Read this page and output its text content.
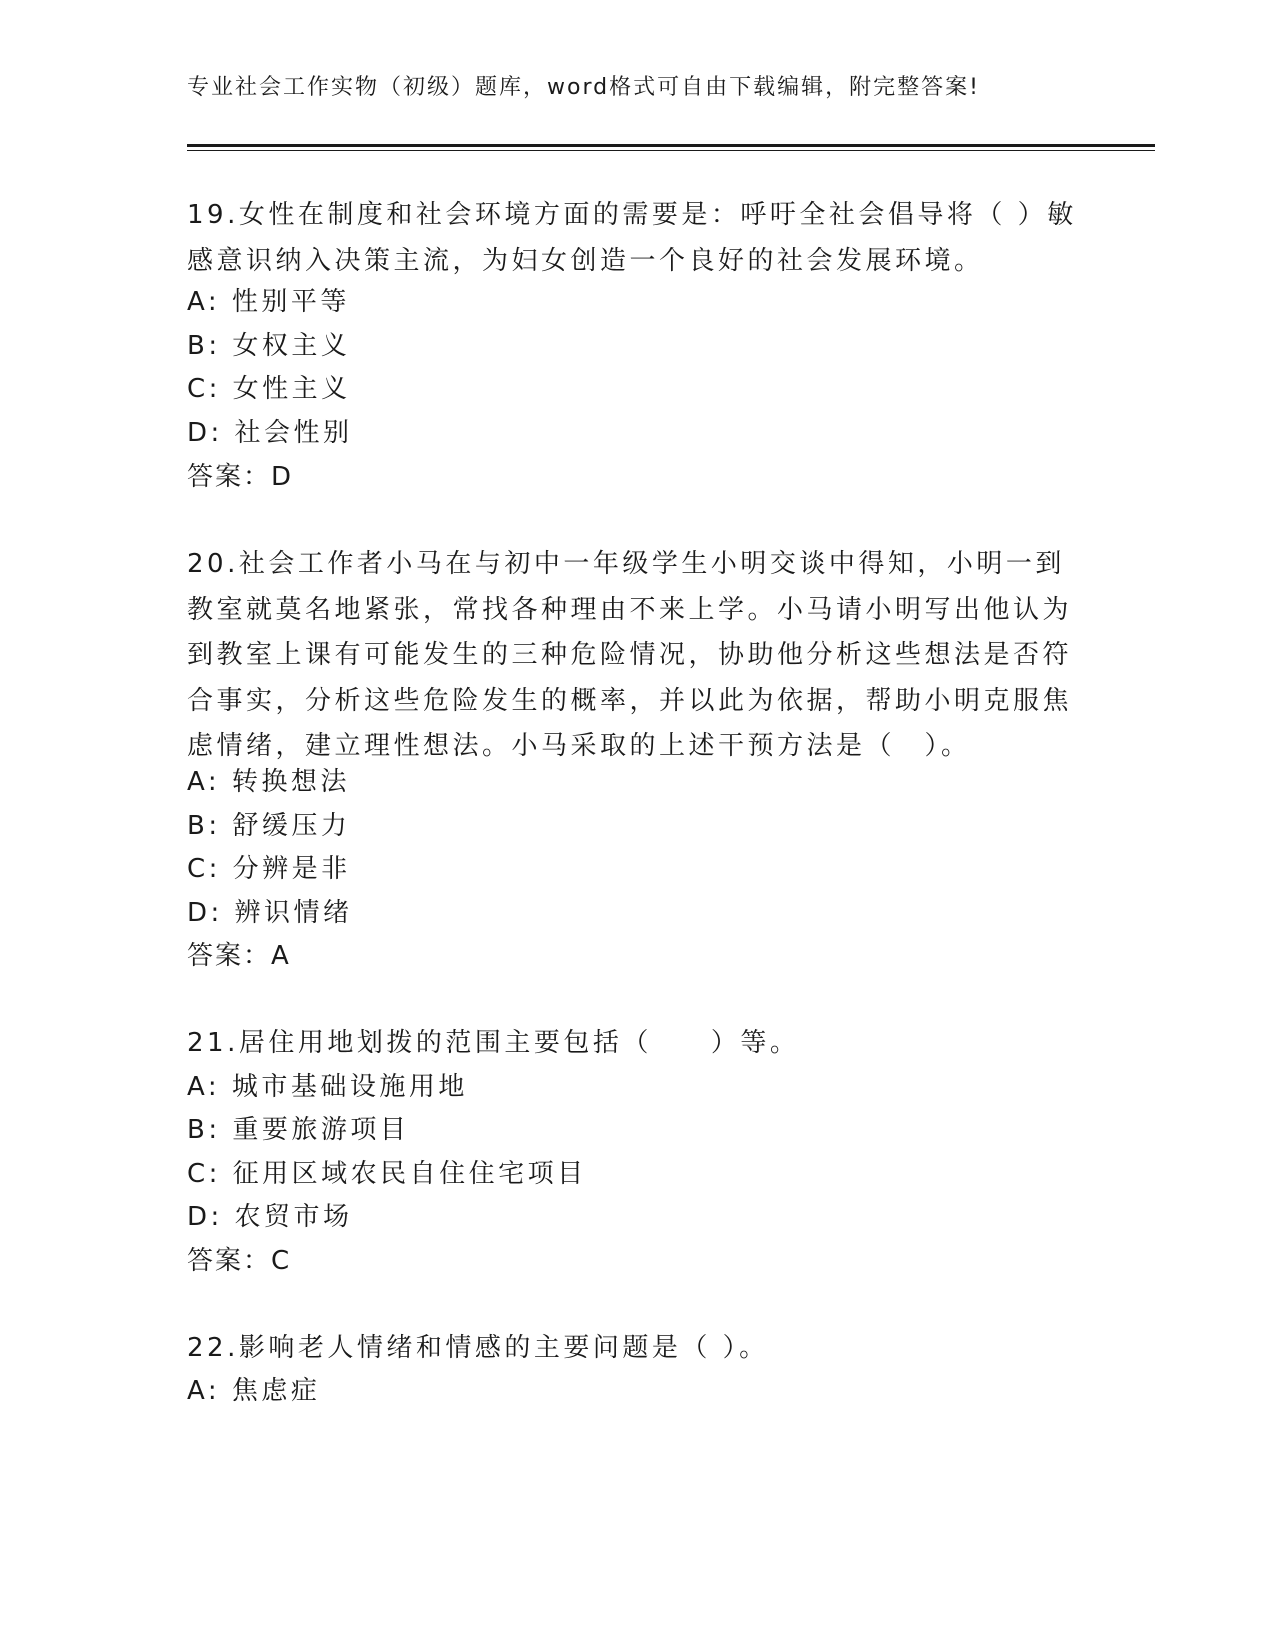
专业社会工作实物（初级）题库，word格式可自由下载编辑，附完整答案!
19.女性在制度和社会环境方面的需要是：呼吁全社会倡导将（ ）敏感意识纳入决策主流，为妇女创造一个良好的社会发展环境。
A: 性别平等
B: 女权主义
C: 女性主义
D: 社会性别
答案：D
20.社会工作者小马在与初中一年级学生小明交谈中得知，小明一到教室就莫名地紧张，常找各种理由不来上学。小马请小明写出他认为到教室上课有可能发生的三种危险情况，协助他分析这些想法是否符合事实，分析这些危险发生的概率，并以此为依据，帮助小明克服焦虑情绪，建立理性想法。小马采取的上述干预方法是（　）。
A: 转换想法
B: 舒缓压力
C: 分辨是非
D: 辨识情绪
答案：A
21.居住用地划拨的范围主要包括（　　）等。
A: 城市基础设施用地
B: 重要旅游项目
C: 征用区域农民自住住宅项目
D: 农贸市场
答案：C
22.影响老人情绪和情感的主要问题是（ ）。
A: 焦虑症
